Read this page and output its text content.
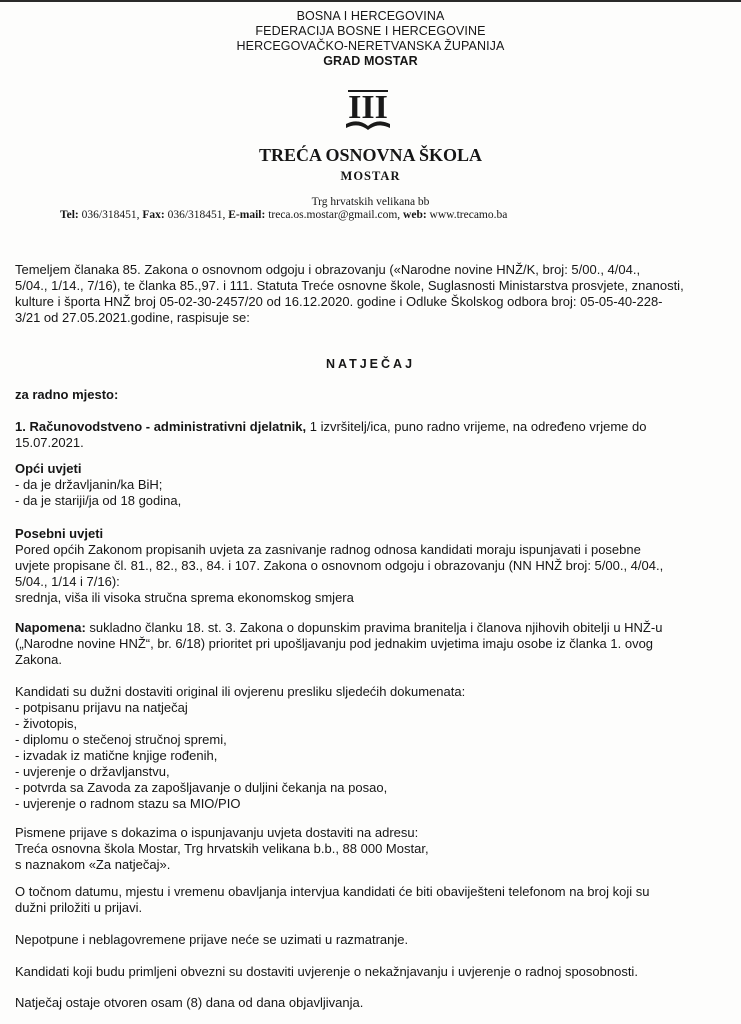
BOSNA I HERCEGOVINA
FEDERACIJA BOSNE I HERCEGOVINE
HERCEGOVAČKO-NERETVANSKA ŽUPANIJA
GRAD MOSTAR
III
TREĆA OSNOVNA ŠKOLA
MOSTAR
Trg hrvatskih velikana bb
Tel: 036/318451, Fax: 036/318451, E-mail: treca.os.mostar@gmail.com, web: www.trecamo.ba

Temeljem članaka 85. Zakona o osnovnom odgoju i obrazovanju («Narodne novine HNŽ/K, broj: 5/00., 4/04.,

5/04., 1/14., 7/16), te članka 85.,97. i 111. Statuta Treće osnovne škole, Suglasnosti Ministarstva prosvjete, znanosti,

kulture i športa HNŽ broj 05-02-30-2457/20 od 16.12.2020. godine i Odluke Školskog odbora broj: 05-05-40-228-

3/21 od 27.05.2021.godine, raspisuje se:

NATJEČAJ

za radno mjesto:

1. Računovodstveno - administrativni djelatnik, 1 izvršitelj/ica, puno radno vrijeme, na određeno vrjeme do

15.07.2021.

Opći uvjeti

- da je državljanin/ka BiH;

- da je stariji/ja od 18 godina,

Posebni uvjeti

Pored općih Zakonom propisanih uvjeta za zasnivanje radnog odnosa kandidati moraju ispunjavati i posebne

uvjete propisane čl. 81., 82., 83., 84. i 107. Zakona o osnovnom odgoju i obrazovanju (NN HNŽ broj: 5/00., 4/04.,

5/04., 1/14 i 7/16):

srednja, viša ili visoka stručna sprema ekonomskog smjera

Napomena: sukladno članku 18. st. 3. Zakona o dopunskim pravima branitelja i članova njihovih obitelji u HNŽ-u

(„Narodne novine HNŽ“, br. 6/18) prioritet pri upošljavanju pod jednakim uvjetima imaju osobe iz članka 1. ovog

Zakona.

Kandidati su dužni dostaviti original ili ovjerenu presliku sljedećih dokumenata:

- potpisanu prijavu na natječaj

- životopis,

- diplomu o stečenoj stručnoj spremi,

- izvadak iz matične knjige rođenih,

- uvjerenje o državljanstvu,

- potvrda sa Zavoda za zapošljavanje o duljini čekanja na posao,

- uvjerenje o radnom stazu sa MIO/PIO

Pismene prijave s dokazima o ispunjavanju uvjeta dostaviti na adresu:

Treća osnovna škola Mostar, Trg hrvatskih velikana b.b., 88 000 Mostar,

s naznakom «Za natječaj».

O točnom datumu, mjestu i vremenu obavljanja intervjua kandidati će biti obaviješteni telefonom na broj koji su

dužni priložiti u prijavi.

Nepotpune i neblagovremene prijave neće se uzimati u razmatranje.

Kandidati koji budu primljeni obvezni su dostaviti uvjerenje o nekažnjavanju i uvjerenje o radnoj sposobnosti.

Natječaj ostaje otvoren osam (8) dana od dana objavljivanja.
